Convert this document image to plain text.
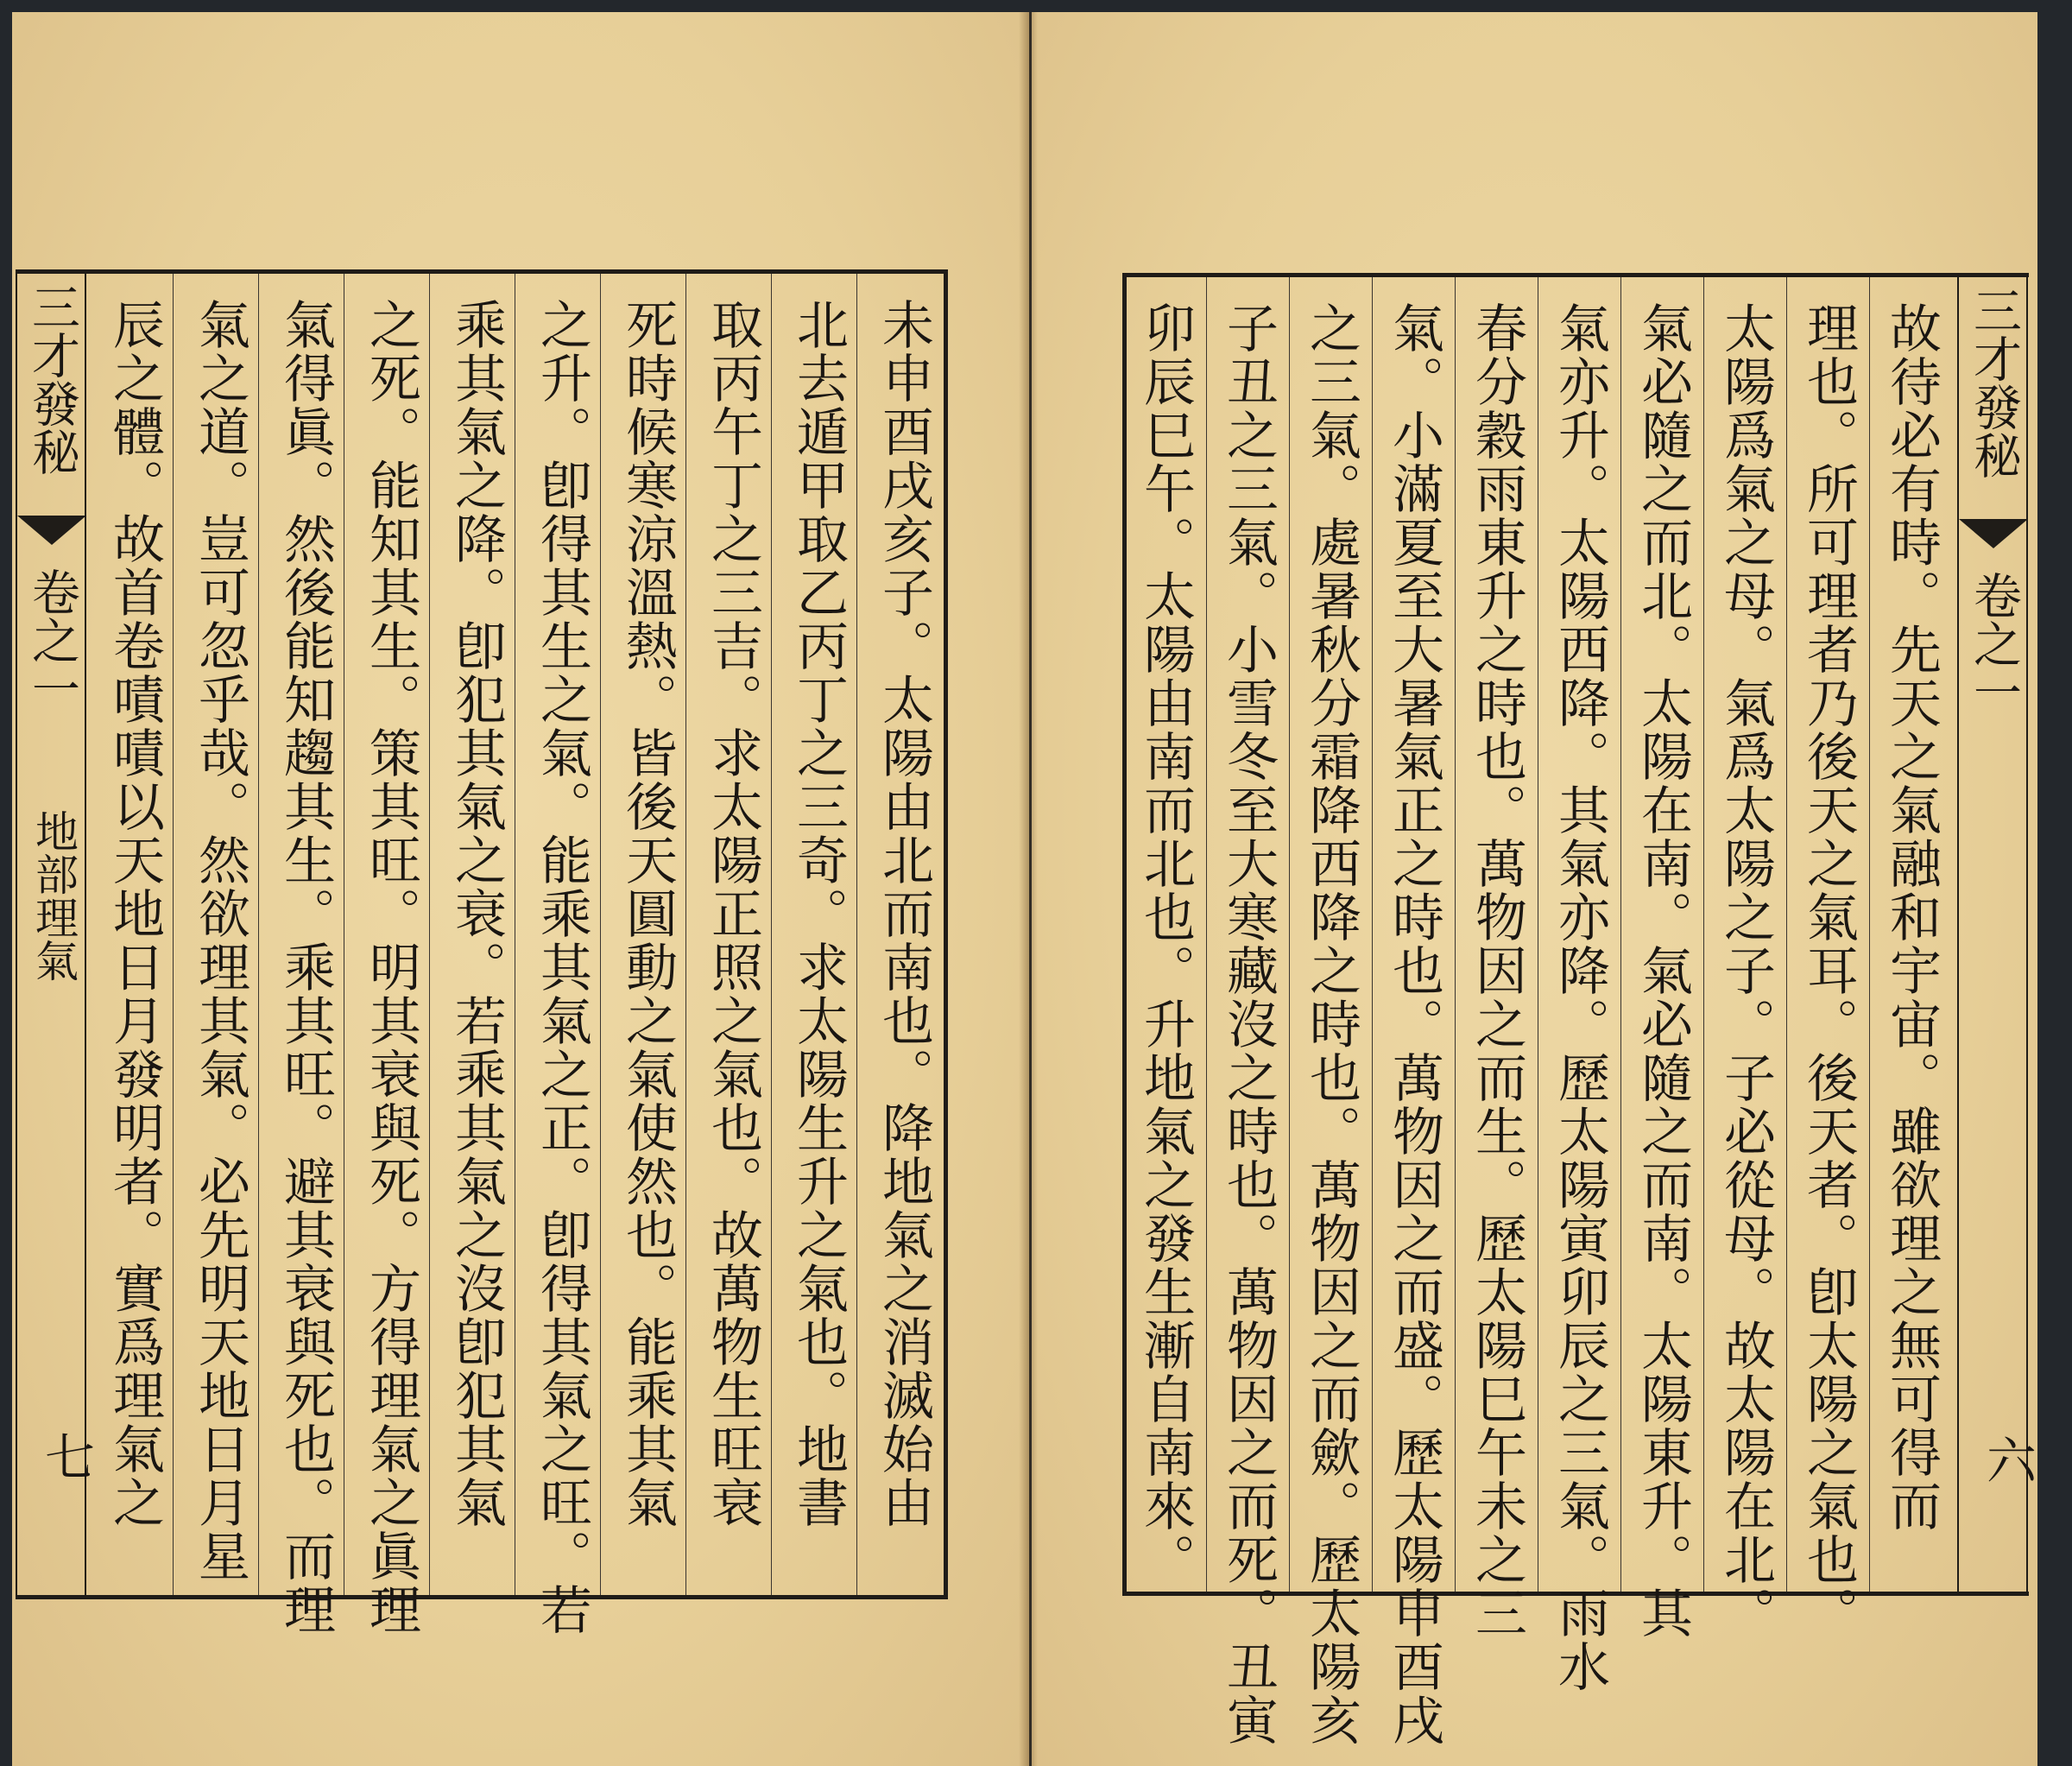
三才發秘
卷之一
地部理氣
七	未申酉戌亥子。太陽由北而南也。降地氣之消滅始由
北去遁甲取乙丙丁之三奇。求太陽生升之氣也。地書
取丙午丁之三吉。求太陽正照之氣也。故萬物生旺衰
死時候寒涼溫熱。皆後天圓動之氣使然也。能乘其氣
之升。卽得其生之氣。能乘其氣之正。卽得其氣之旺。若
乘其氣之降。卽犯其氣之衰。若乘其氣之沒卽犯其氣
之死。能知其生。策其旺。明其衰與死。方得理氣之眞理
氣得眞。然後能知趨其生。乘其旺。避其衰與死也。而理
氣之道。豈可忽乎哉。然欲理其氣。必先明天地日月星
辰之體。故首卷嘖嘖以天地日月發明者。實爲理氣之	故待必有時。先天之氣融和宇宙。雖欲理之無可得而
理也。所可理者乃後天之氣耳。後天者。卽太陽之氣也。
太陽爲氣之母。氣爲太陽之子。子必從母。故太陽在北。
氣必隨之而北。太陽在南。氣必隨之而南。太陽東升。其
氣亦升。太陽西降。其氣亦降。歷太陽寅卯辰之三氣。雨水
春分穀雨東升之時也。萬物因之而生。歷太陽巳午未之三
氣。小滿夏至大暑氣正之時也。萬物因之而盛。歷太陽申酉戌
之三氣。處暑秋分霜降西降之時也。萬物因之而歛。歷太陽亥
子丑之三氣。小雪冬至大寒藏沒之時也。萬物因之而死。丑寅
卯辰巳午。太陽由南而北也。升地氣之發生漸自南來。	三才發秘
卷之一
六
